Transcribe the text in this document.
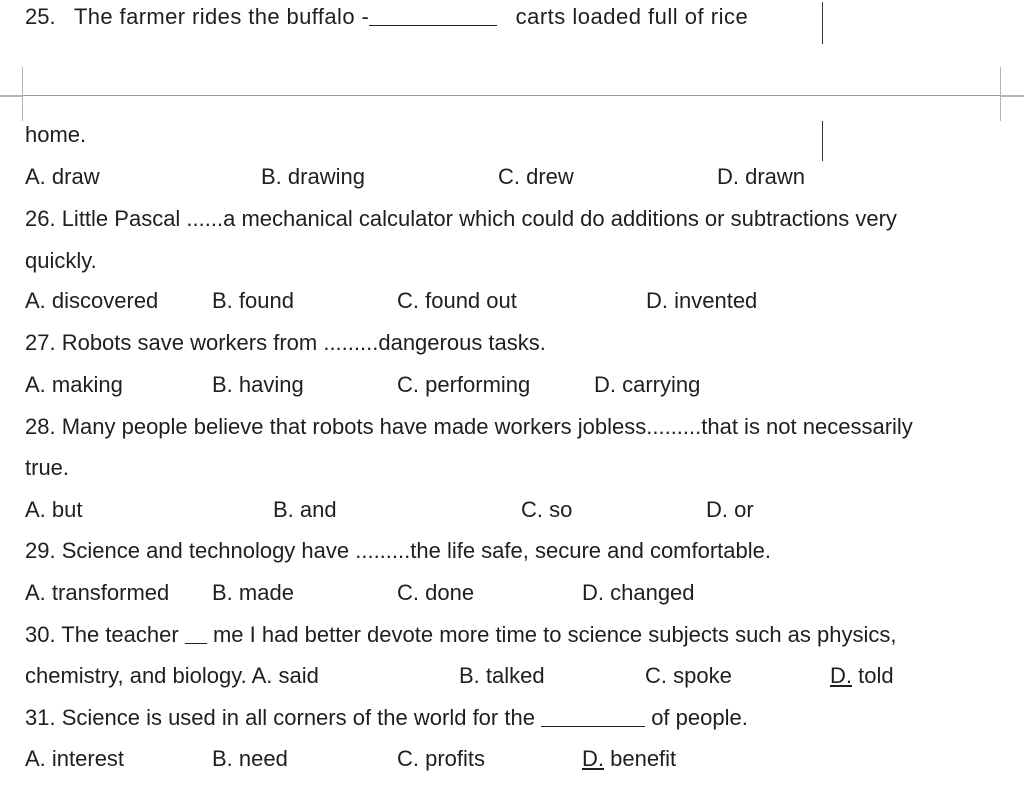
25. The farmer rides the buffalo -	carts loaded full of rice
home.
A. draw	B. drawing	C. drew	D. drawn
26. Little Pascal ......a mechanical calculator which could do additions or subtractions very
quickly.
A. discovered B. found	C. found out	D. invented
27. Robots save workers from .........dangerous tasks.
A. making	B. having	C. performing	D. carrying
28. Many people believe that robots have made workers jobless.........that is not necessarily
true.
A. but	B. and	C. so	D. or
29. Science and technology have .........the life safe, secure and comfortable.
A. transformed B. made	C. done	D. changed
30. The teacher me I had better devote more time to science subjects such as physics,
chemistry, and biology. A. said	B. talked	C. spoke	D. told
31. Science is used in all corners of the world for the	of people.
A. interest	B. need	C. profits	D. benefit
